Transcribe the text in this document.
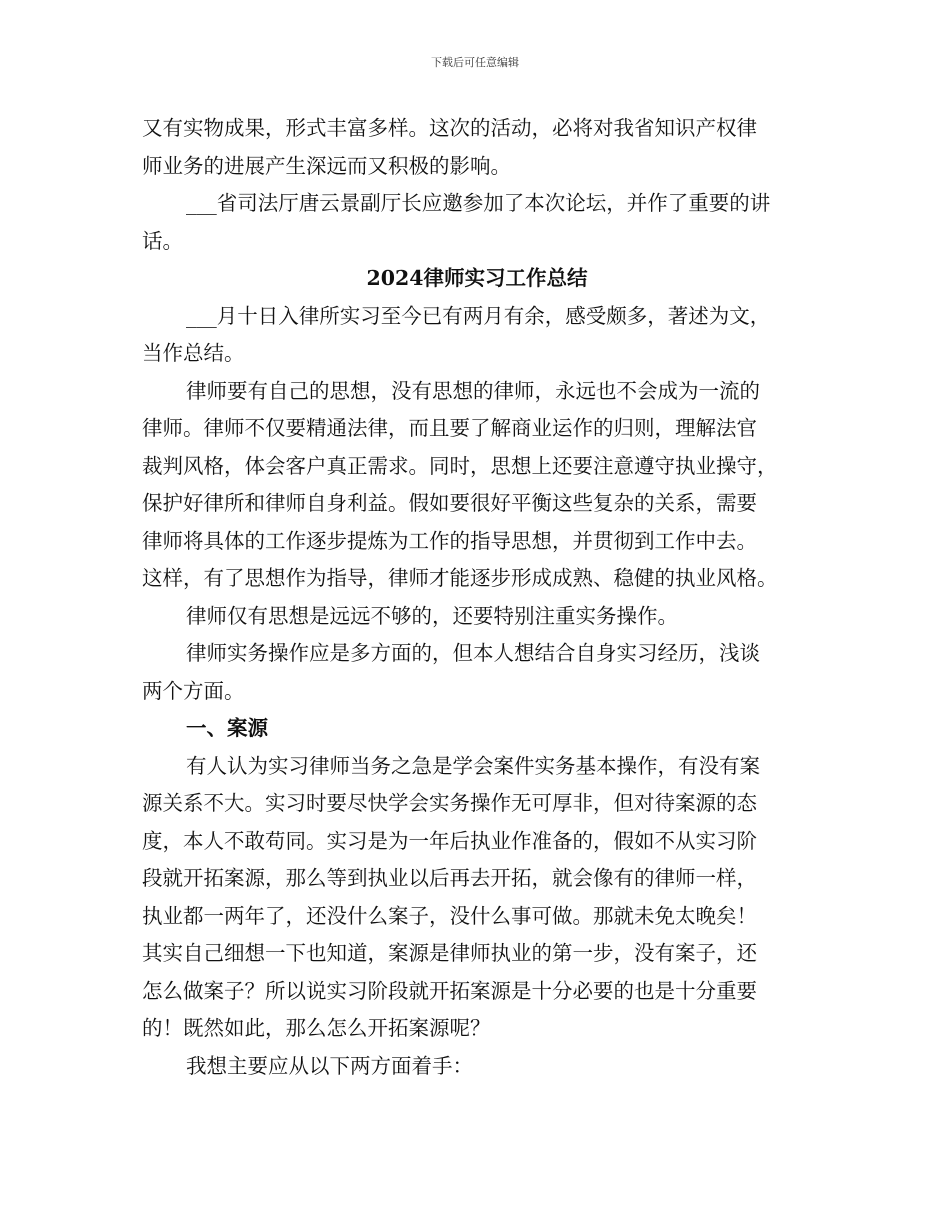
下载后可任意编辑
又有实物成果，形式丰富多样。这次的活动，必将对我省知识产权律
师业务的进展产生深远而又积极的影响。
___省司法厅唐云景副厅长应邀参加了本次论坛，并作了重要的讲
话。
2024律师实习工作总结
___月十日入律所实习至今已有两月有余，感受颇多，著述为文，
当作总结。
律师要有自己的思想，没有思想的律师，永远也不会成为一流的
律师。律师不仅要精通法律，而且要了解商业运作的归则，理解法官
裁判风格，体会客户真正需求。同时，思想上还要注意遵守执业操守，
保护好律所和律师自身利益。假如要很好平衡这些复杂的关系，需要
律师将具体的工作逐步提炼为工作的指导思想，并贯彻到工作中去。
这样，有了思想作为指导，律师才能逐步形成成熟、稳健的执业风格。
律师仅有思想是远远不够的，还要特别注重实务操作。
律师实务操作应是多方面的，但本人想结合自身实习经历，浅谈
两个方面。
一、案源
有人认为实习律师当务之急是学会案件实务基本操作，有没有案
源关系不大。实习时要尽快学会实务操作无可厚非，但对待案源的态
度，本人不敢苟同。实习是为一年后执业作准备的，假如不从实习阶
段就开拓案源，那么等到执业以后再去开拓，就会像有的律师一样，
执业都一两年了，还没什么案子，没什么事可做。那就未免太晚矣！
其实自己细想一下也知道，案源是律师执业的第一步，没有案子，还
怎么做案子？所以说实习阶段就开拓案源是十分必要的也是十分重要
的！既然如此，那么怎么开拓案源呢？
我想主要应从以下两方面着手：
